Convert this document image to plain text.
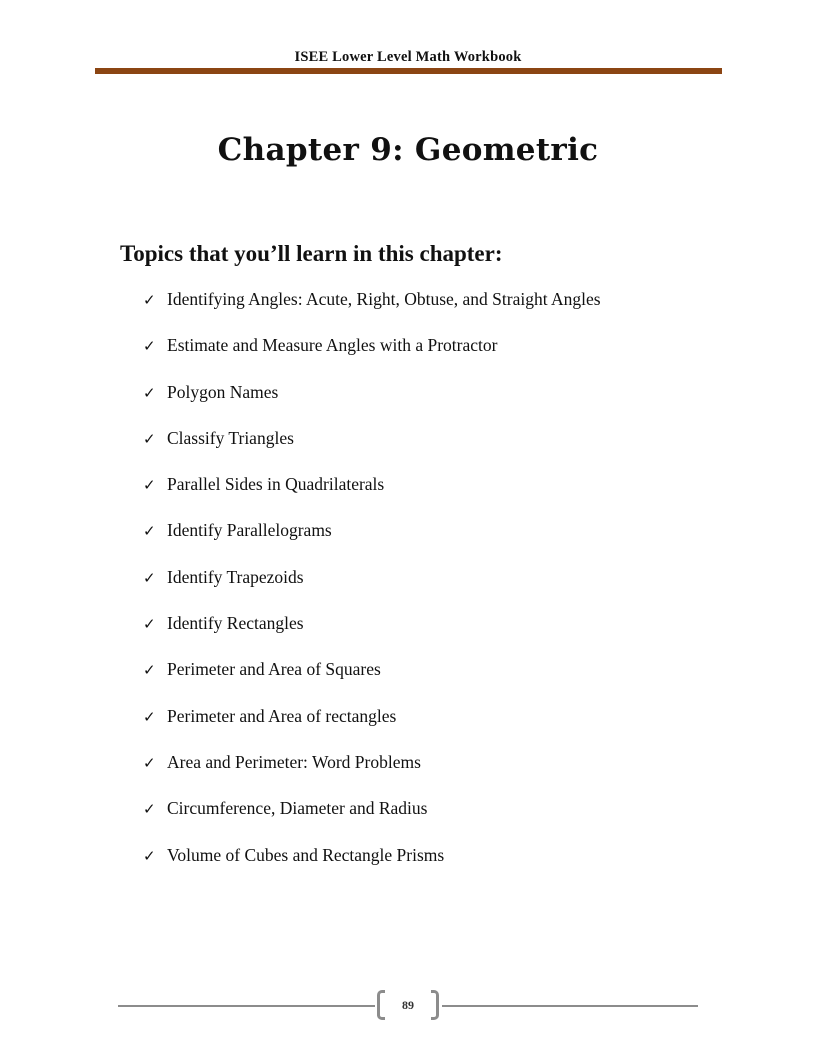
ISEE Lower Level Math Workbook
Chapter 9: Geometric
Topics that you’ll learn in this chapter:
✓ Identifying Angles: Acute, Right, Obtuse, and Straight Angles
✓ Estimate and Measure Angles with a Protractor
✓ Polygon Names
✓ Classify Triangles
✓ Parallel Sides in Quadrilaterals
✓ Identify Parallelograms
✓ Identify Trapezoids
✓ Identify Rectangles
✓ Perimeter and Area of Squares
✓ Perimeter and Area of rectangles
✓ Area and Perimeter: Word Problems
✓ Circumference, Diameter and Radius
✓ Volume of Cubes and Rectangle Prisms
89
